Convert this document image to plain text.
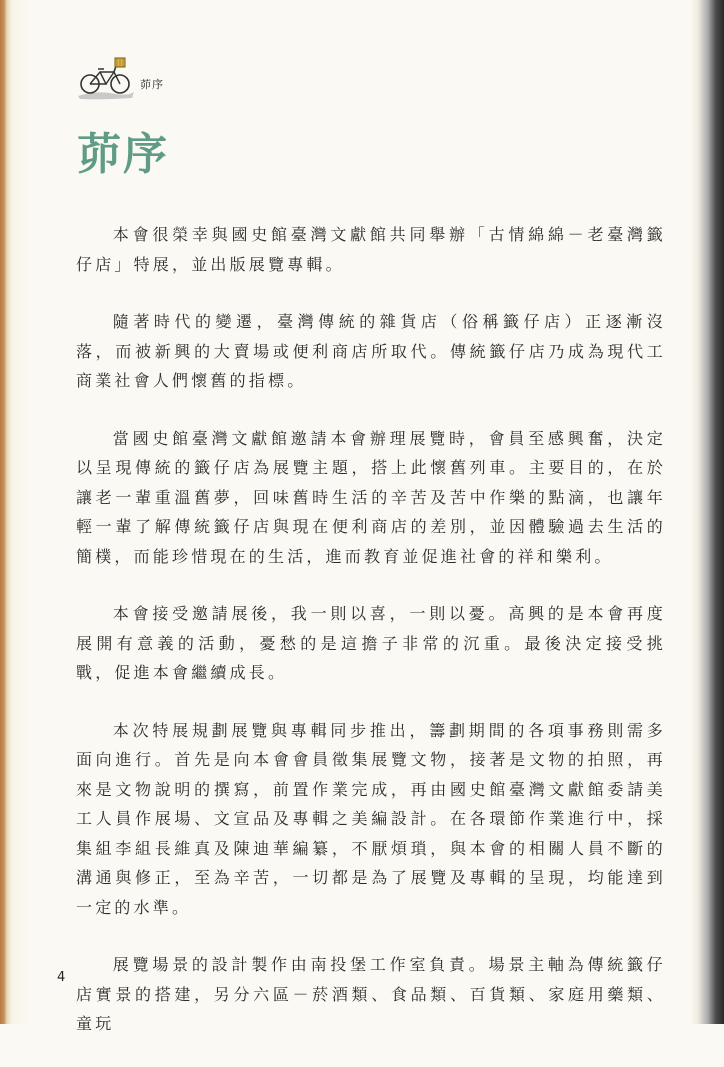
茆序
茆序

本會很榮幸與國史館臺灣文獻館共同舉辦「古情綿綿－老臺灣籤仔店」特展，並出版展覽專輯。

隨著時代的變遷，臺灣傳統的雜貨店（俗稱籤仔店）正逐漸沒落，而被新興的大賣場或便利商店所取代。傳統籤仔店乃成為現代工商業社會人們懷舊的指標。

當國史館臺灣文獻館邀請本會辦理展覽時，會員至感興奮，決定以呈現傳統的籤仔店為展覽主題，搭上此懷舊列車。主要目的，在於讓老一輩重溫舊夢，回味舊時生活的辛苦及苦中作樂的點滴，也讓年輕一輩了解傳統籤仔店與現在便利商店的差別，並因體驗過去生活的簡樸，而能珍惜現在的生活，進而教育並促進社會的祥和樂利。

本會接受邀請展後，我一則以喜，一則以憂。高興的是本會再度展開有意義的活動，憂愁的是這擔子非常的沉重。最後決定接受挑戰，促進本會繼續成長。

本次特展規劃展覽與專輯同步推出，籌劃期間的各項事務則需多面向進行。首先是向本會會員徵集展覽文物，接著是文物的拍照，再來是文物說明的撰寫，前置作業完成，再由國史館臺灣文獻館委請美工人員作展場、文宣品及專輯之美編設計。在各環節作業進行中，採集組李組長維真及陳迪華編纂，不厭煩瑣，與本會的相關人員不斷的溝通與修正，至為辛苦，一切都是為了展覽及專輯的呈現，均能達到一定的水準。

展覽場景的設計製作由南投堡工作室負責。場景主軸為傳統籤仔店實景的搭建，另分六區－菸酒類、食品類、百貨類、家庭用藥類、童玩

4
